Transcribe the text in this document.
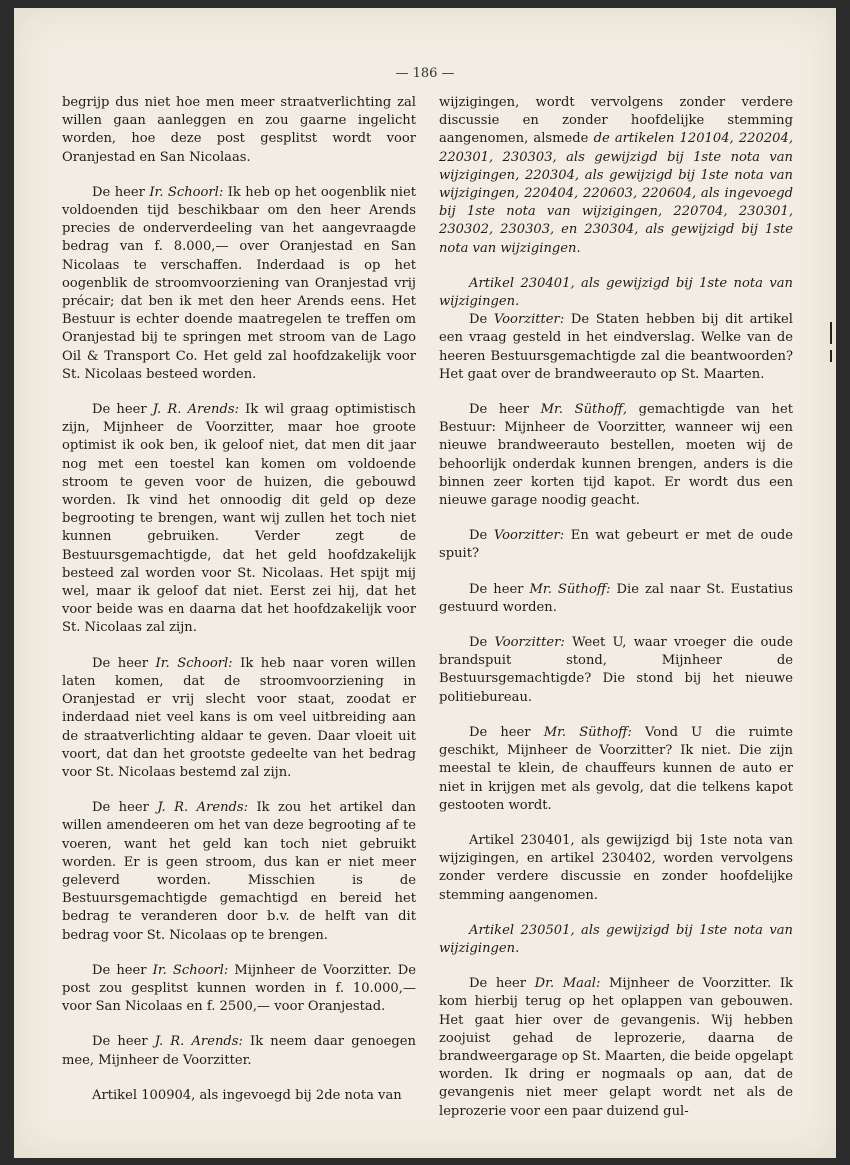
— 186 —

begrijp dus niet hoe men meer straatverlichting zal willen gaan aanleggen en zou gaarne ingelicht worden, hoe deze post gesplitst wordt voor Oranjestad en San Nicolaas.

De heer Ir. Schoorl: Ik heb op het oogenblik niet voldoenden tijd beschikbaar om den heer Arends precies de onderverdeeling van het aangevraagde bedrag van f. 8.000,— over Oranjestad en San Nicolaas te verschaffen. Inderdaad is op het oogenblik de stroomvoorziening van Oranjestad vrij précair; dat ben ik met den heer Arends eens. Het Bestuur is echter doende maatregelen te treffen om Oranjestad bij te springen met stroom van de Lago Oil & Transport Co. Het geld zal hoofdzakelijk voor St. Nicolaas besteed worden.

De heer J. R. Arends: Ik wil graag optimistisch zijn, Mijnheer de Voorzitter, maar hoe groote optimist ik ook ben, ik geloof niet, dat men dit jaar nog met een toestel kan komen om voldoende stroom te geven voor de huizen, die gebouwd worden. Ik vind het onnoodig dit geld op deze begrooting te brengen, want wij zullen het toch niet kunnen gebruiken. Verder zegt de Bestuursgemachtigde, dat het geld hoofdzakelijk besteed zal worden voor St. Nicolaas. Het spijt mij wel, maar ik geloof dat niet. Eerst zei hij, dat het voor beide was en daarna dat het hoofdzakelijk voor St. Nicolaas zal zijn.

De heer Ir. Schoorl: Ik heb naar voren willen laten komen, dat de stroomvoorziening in Oranjestad er vrij slecht voor staat, zoodat er inderdaad niet veel kans is om veel uitbreiding aan de straatverlichting aldaar te geven. Daar vloeit uit voort, dat dan het grootste gedeelte van het bedrag voor St. Nicolaas bestemd zal zijn.

De heer J. R. Arends: Ik zou het artikel dan willen amendeeren om het van deze begrooting af te voeren, want het geld kan toch niet gebruikt worden. Er is geen stroom, dus kan er niet meer geleverd worden. Misschien is de Bestuursgemachtigde gemachtigd en bereid het bedrag te veranderen door b.v. de helft van dit bedrag voor St. Nicolaas op te brengen.

De heer Ir. Schoorl: Mijnheer de Voorzitter. De post zou gesplitst kunnen worden in f. 10.000,— voor San Nicolaas en f. 2500,— voor Oranjestad.

De heer J. R. Arends: Ik neem daar genoegen mee, Mijnheer de Voorzitter.

Artikel 100904, als ingevoegd bij 2de nota van

wijzigingen, wordt vervolgens zonder verdere discussie en zonder hoofdelijke stemming aangenomen, alsmede de artikelen 120104, 220204, 220301, 230303, als gewijzigd bij 1ste nota van wijzigingen, 220304, als gewijzigd bij 1ste nota van wijzigingen, 220404, 220603, 220604, als ingevoegd bij 1ste nota van wijzigingen, 220704, 230301, 230302, 230303, en 230304, als gewijzigd bij 1ste nota van wijzigingen.

Artikel 230401, als gewijzigd bij 1ste nota van wijzigingen.

De Voorzitter: De Staten hebben bij dit artikel een vraag gesteld in het eindverslag. Welke van de heeren Bestuursgemachtigde zal die beantwoorden? Het gaat over de brandweerauto op St. Maarten.

De heer Mr. Süthoff, gemachtigde van het Bestuur: Mijnheer de Voorzitter, wanneer wij een nieuwe brandweerauto bestellen, moeten wij de behoorlijk onderdak kunnen brengen, anders is die binnen zeer korten tijd kapot. Er wordt dus een nieuwe garage noodig geacht.

De Voorzitter: En wat gebeurt er met de oude spuit?

De heer Mr. Süthoff: Die zal naar St. Eustatius gestuurd worden.

De Voorzitter: Weet U, waar vroeger die oude brandspuit stond, Mijnheer de Bestuursgemachtigde? Die stond bij het nieuwe politiebureau.

De heer Mr. Süthoff: Vond U die ruimte geschikt, Mijnheer de Voorzitter? Ik niet. Die zijn meestal te klein, de chauffeurs kunnen de auto er niet in krijgen met als gevolg, dat die telkens kapot gestooten wordt.

Artikel 230401, als gewijzigd bij 1ste nota van wijzigingen, en artikel 230402, worden vervolgens zonder verdere discussie en zonder hoofdelijke stemming aangenomen.

Artikel 230501, als gewijzigd bij 1ste nota van wijzigingen.

De heer Dr. Maal: Mijnheer de Voorzitter. Ik kom hierbij terug op het oplappen van gebouwen. Het gaat hier over de gevangenis. Wij hebben zoojuist gehad de leprozerie, daarna de brandweergarage op St. Maarten, die beide opgelapt worden. Ik dring er nogmaals op aan, dat de gevangenis niet meer gelapt wordt net als de leprozerie voor een paar duizend gul-
